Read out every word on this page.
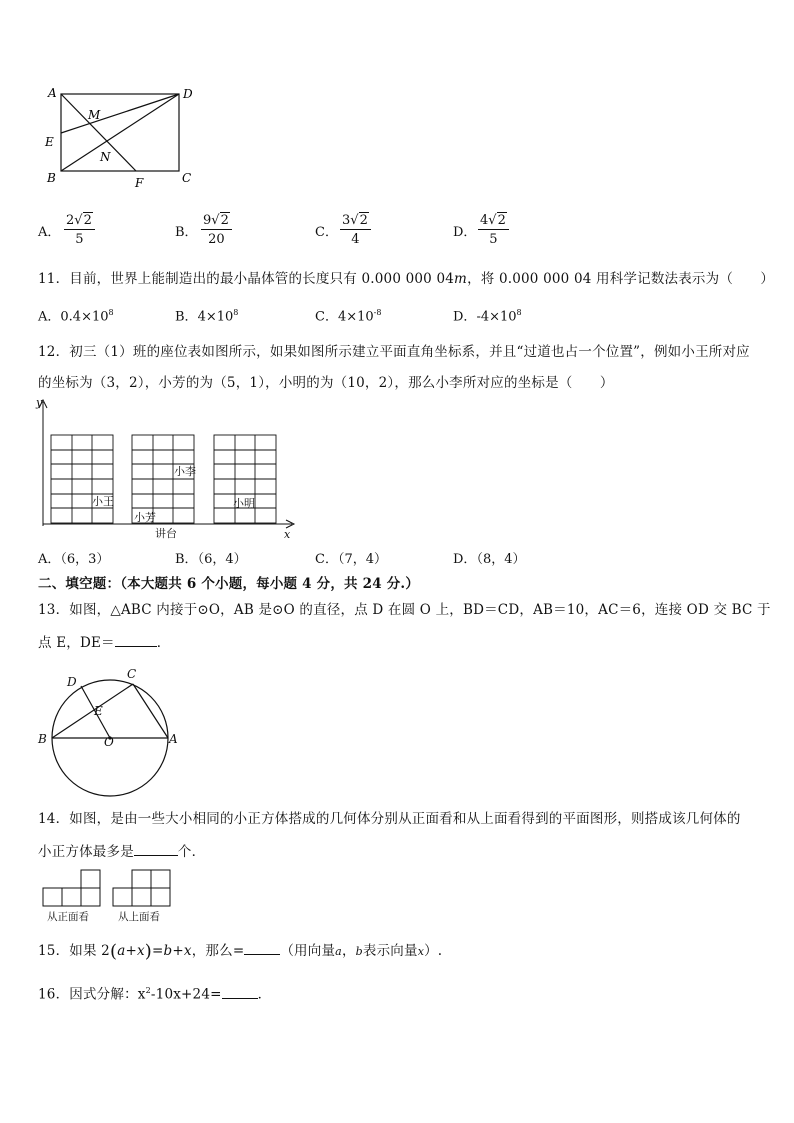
A	D
M
E
N
B	F	C
A． $\frac{2√2}{5}$	B． $\frac{9√2}{20}$	C． $\frac{3√2}{4}$	D． $\frac{4√2}{5}$
11．目前，世界上能制造出的最小晶体管的长度只有 0.000 000 04m，将 0.000 000 04 用科学记数法表示为（　　）
A．$0.4\times 10^8$	B．$4\times 10^8$	C．$4\times 10^{-8}$	D．$-4\times 10^8$
12．初三（1）班的座位表如图所示，如果如图所示建立平面直角坐标系，并且“过道也占一个位置”，例如小王所对应
的坐标为（3，2），小芳的为（5，1），小明的为（10，2），那么小李所对应的坐标是（　　）
y
x
小王
小芳
小李
小明
讲台
A．（6，3）	B．（6，4）	C．（7，4）	D．（8，4）
二、填空题：（本大题共 6 个小题，每小题 4 分，共 24 分.）
13．如图，△ABC 内接于⊙O，AB 是⊙O 的直径，点 D 在圆 O 上，BD＝CD，AB＝10，AC＝6，连接 OD 交 BC 于
点 E，DE＝	．
D
C
E
B	O	A
14．如图，是由一些大小相同的小正方体搭成的几何体分别从正面看和从上面看得到的平面图形，则搭成该几何体的
小正方体最多是	个．
从正面看	从上面看
15．如果 2(a+x)=b+x，那么=	（用向量a，b表示向量x）.
16．因式分解：$x^2-10x+24=$	．
